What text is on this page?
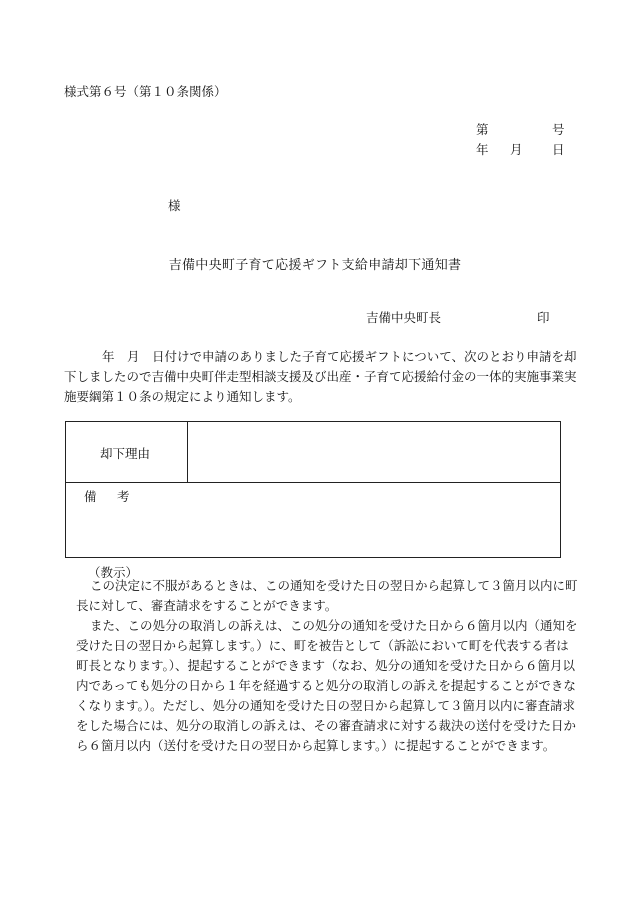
様式第６号（第１０条関係）
第	号
年 月 日
様
吉備中央町子育て応援ギフト支給申請却下通知書
吉備中央町長	印
年　月　日付けで申請のありました子育て応援ギフトについて、次のとおり申請を却下しましたので吉備中央町伴走型相談支援及び出産・子育て応援給付金の一体的実施事業実施要綱第１０条の規定により通知します。
却下理由
備　考
（教示）
この決定に不服があるときは、この通知を受けた日の翌日から起算して３箇月以内に町長に対して、審査請求をすることができます。
また、この処分の取消しの訴えは、この処分の通知を受けた日から６箇月以内（通知を受けた日の翌日から起算します。）に、町を被告として（訴訟において町を代表する者は町長となります。）、提起することができます（なお、処分の通知を受けた日から６箇月以内であっても処分の日から１年を経過すると処分の取消しの訴えを提起することができなくなります。）。ただし、処分の通知を受けた日の翌日から起算して３箇月以内に審査請求をした場合には、処分の取消しの訴えは、その審査請求に対する裁決の送付を受けた日から６箇月以内（送付を受けた日の翌日から起算します。）に提起することができます。
